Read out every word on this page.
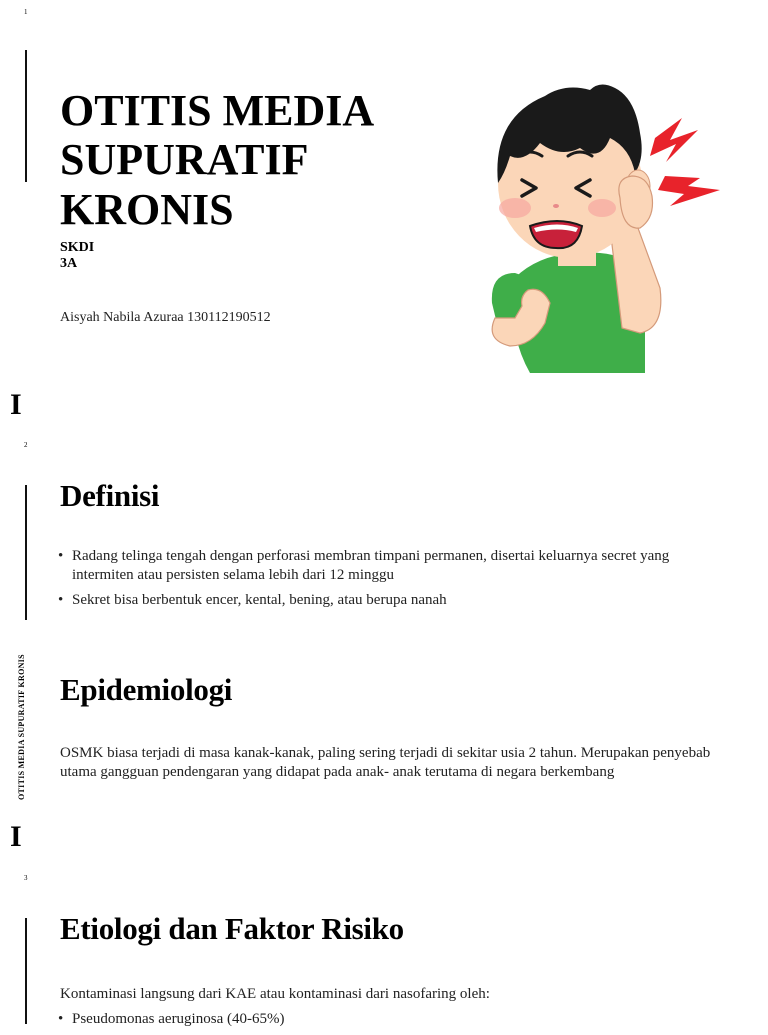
1
OTITIS MEDIA SUPURATIF KRONIS
SKDI
3A
Aisyah Nabila Azuraa 130112190512
I
2
OTITIS MEDIA SUPURATIF KRONIS
Definisi
• Radang telinga tengah dengan perforasi membran timpani permanen, disertai keluarnya secret yang intermiten atau persisten selama lebih dari 12 minggu
• Sekret bisa berbentuk encer, kental, bening, atau berupa nanah
Epidemiologi

OSMK biasa terjadi di masa kanak-kanak, paling sering terjadi di sekitar usia 2 tahun. Merupakan penyebab utama gangguan pendengaran yang didapat pada anak- anak terutama di negara berkembang

I
3
Etiologi dan Faktor Risiko

Kontaminasi langsung dari KAE atau kontaminasi dari nasofaring oleh:

• Pseudomonas aeruginosa (40-65%)
